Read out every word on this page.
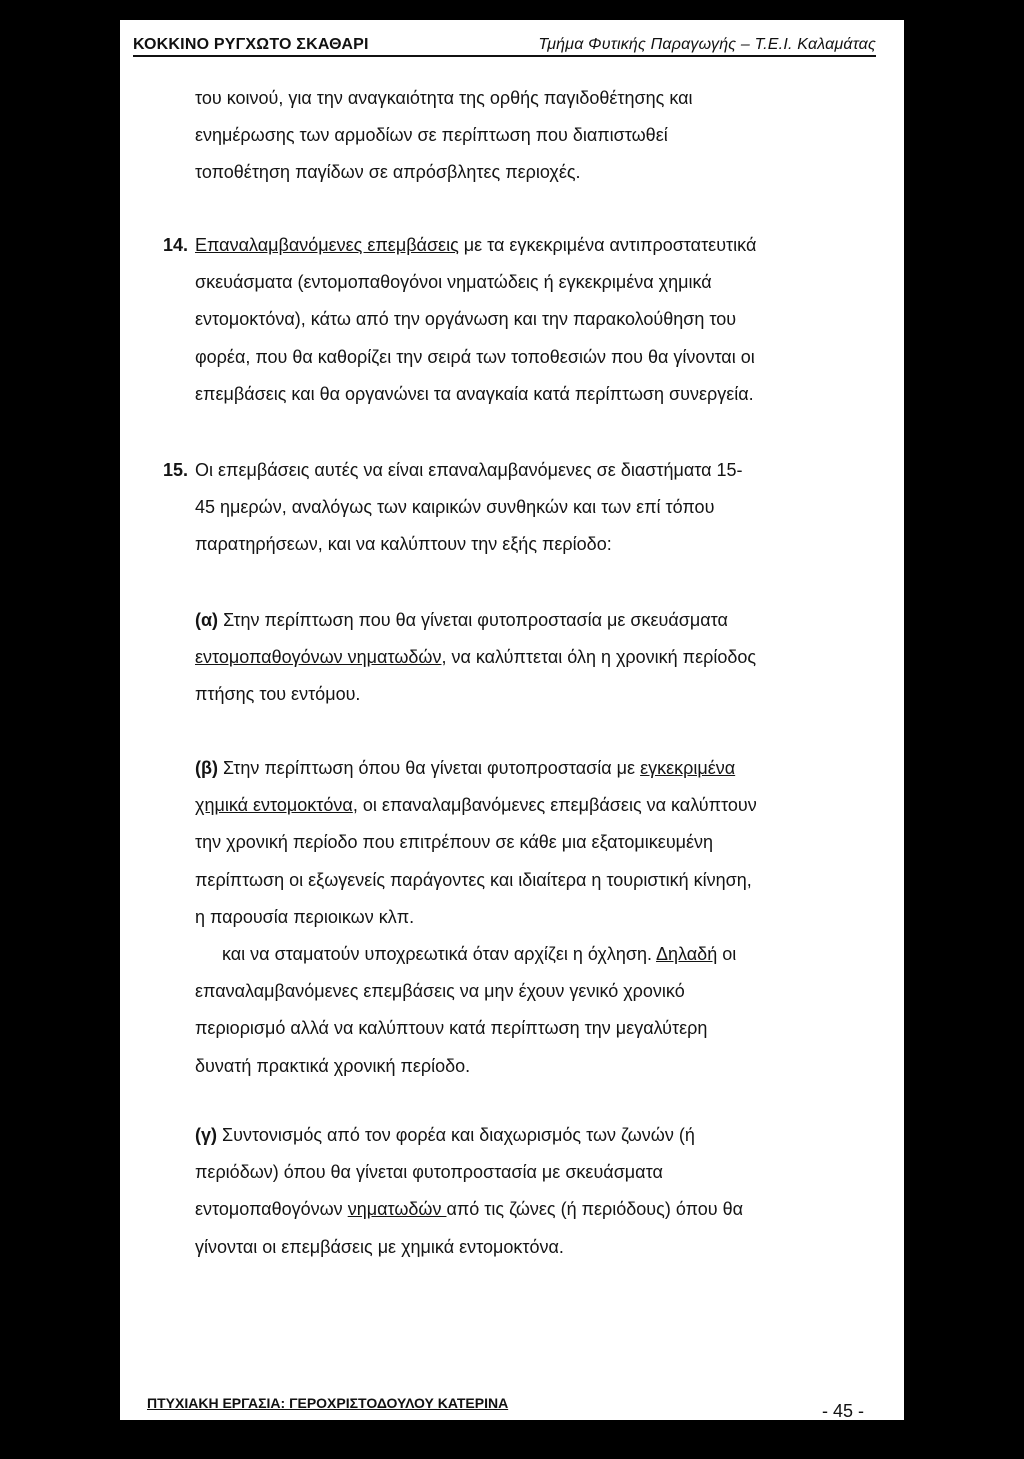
ΚΟΚΚΙΝΟ ΡΥΓΧΩΤΟ ΣΚΑΘΑΡΙ	Τμήμα Φυτικής Παραγωγής – Τ.Ε.Ι. Καλαμάτας
του κοινού, για την αναγκαιότητα της ορθής παγιδοθέτησης και
ενημέρωσης των αρμοδίων σε περίπτωση που διαπιστωθεί
τοποθέτηση παγίδων σε απρόσβλητες περιοχές.
14. Επαναλαμβανόμενες επεμβάσεις με τα εγκεκριμένα αντιπροστατευτικά
σκευάσματα (εντομοπαθογόνοι νηματώδεις ή εγκεκριμένα χημικά
εντομοκτόνα), κάτω από την οργάνωση και την παρακολούθηση του
φορέα, που θα καθορίζει την σειρά των τοποθεσιών που θα γίνονται οι
επεμβάσεις και θα οργανώνει τα αναγκαία κατά περίπτωση συνεργεία.
15. Οι επεμβάσεις αυτές να είναι επαναλαμβανόμενες σε διαστήματα 15-
45 ημερών, αναλόγως των καιρικών συνθηκών και των επί τόπου
παρατηρήσεων, και να καλύπτουν την εξής περίοδο:
(α) Στην περίπτωση που θα γίνεται φυτοπροστασία με σκευάσματα
εντομοπαθογόνων νηματωδών, να καλύπτεται όλη η χρονική περίοδος
πτήσης του εντόμου.
(β) Στην περίπτωση όπου θα γίνεται φυτοπροστασία με εγκεκριμένα
χημικά εντομοκτόνα, οι επαναλαμβανόμενες επεμβάσεις να καλύπτουν
την χρονική περίοδο που επιτρέπουν σε κάθε μια εξατομικευμένη
περίπτωση οι εξωγενείς παράγοντες και ιδιαίτερα η τουριστική κίνηση,
η παρουσία περιοικων κλπ.
και να σταματούν υποχρεωτικά όταν αρχίζει η όχληση. Δηλαδή οι
επαναλαμβανόμενες επεμβάσεις να μην έχουν γενικό χρονικό
περιορισμό αλλά να καλύπτουν κατά περίπτωση την μεγαλύτερη
δυνατή πρακτικά χρονική περίοδο.
(γ) Συντονισμός από τον φορέα και διαχωρισμός των ζωνών (ή
περιόδων) όπου θα γίνεται φυτοπροστασία με σκευάσματα
εντομοπαθογόνων νηματωδών από τις ζώνες (ή περιόδους) όπου θα
γίνονται οι επεμβάσεις με χημικά εντομοκτόνα.
ΠΤΥΧΙΑΚΗ ΕΡΓΑΣΙΑ: ΓΕΡΟΧΡΙΣΤΟΔΟΥΛΟΥ ΚΑΤΕΡΙΝΑ	- 45 -
